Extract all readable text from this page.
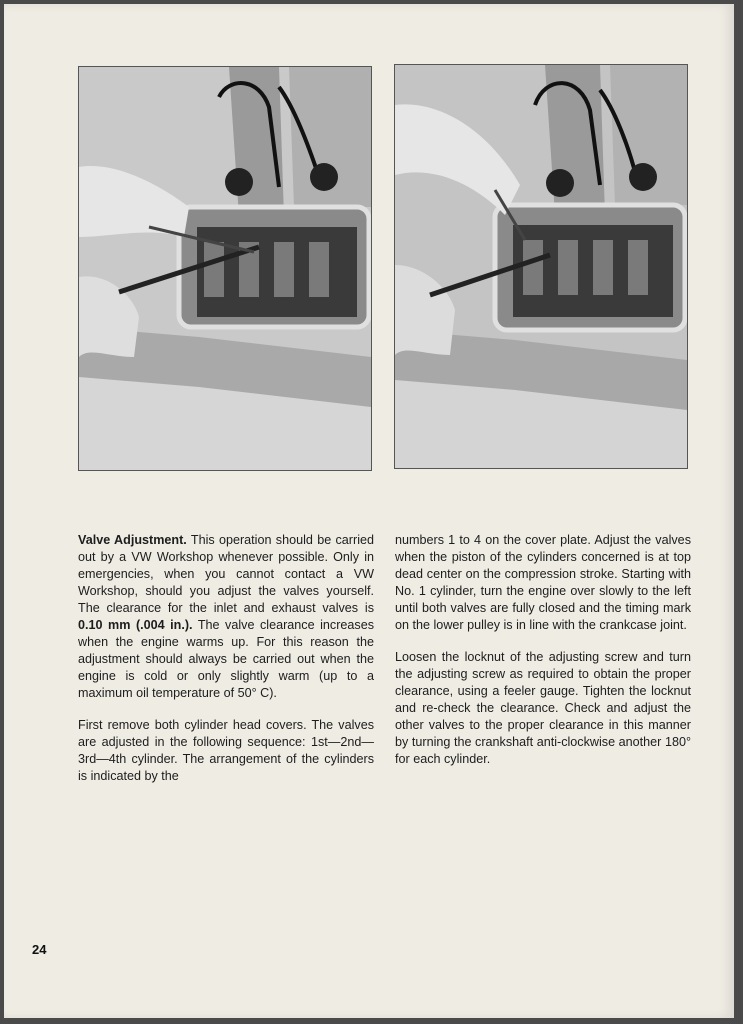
Valve Adjustment. This operation should be carried out by a VW Workshop whenever possible. Only in emergencies, when you cannot contact a VW Workshop, should you adjust the valves yourself. The clearance for the inlet and exhaust valves is 0.10 mm (.004 in.). The valve clearance increases when the engine warms up. For this reason the adjustment should always be carried out when the engine is cold or only slightly warm (up to a maximum oil temperature of 50° C).

First remove both cylinder head covers. The valves are adjusted in the following sequence: 1st—2nd—3rd—4th cylinder. The arrangement of the cylinders is indicated by the

numbers 1 to 4 on the cover plate. Adjust the valves when the piston of the cylinders concerned is at top dead center on the compression stroke. Starting with No. 1 cylinder, turn the engine over slowly to the left until both valves are fully closed and the timing mark on the lower pulley is in line with the crankcase joint.

Loosen the locknut of the adjusting screw and turn the adjusting screw as required to obtain the proper clearance, using a feeler gauge. Tighten the locknut and re-check the clearance. Check and adjust the other valves to the proper clearance in this manner by turning the crankshaft anti-clockwise another 180° for each cylinder.

24
